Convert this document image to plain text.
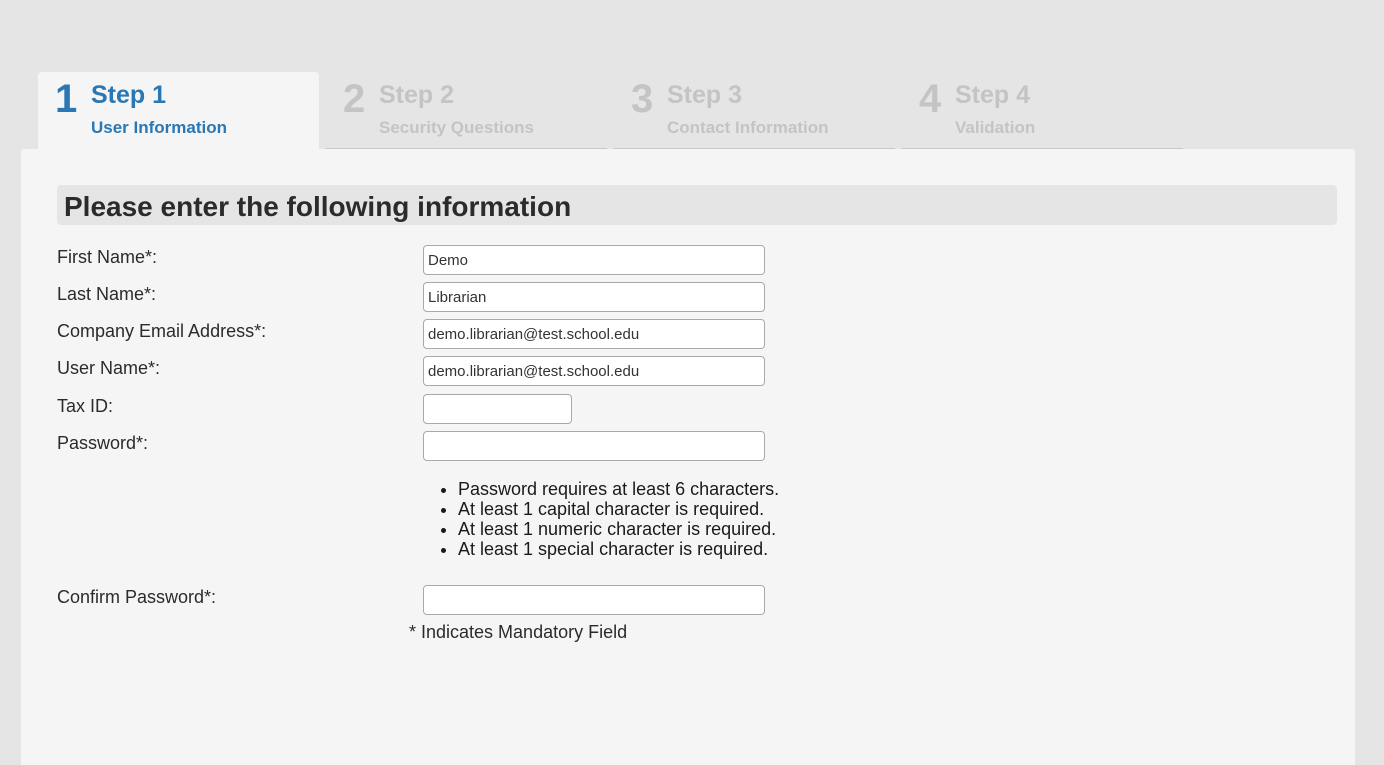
1 Step 1
User Information
2 Step 2
Security Questions
3 Step 3
Contact Information
4 Step 4
Validation
Please enter the following information
First Name*:
Demo
Last Name*:
Librarian
Company Email Address*:
demo.librarian@test.school.edu
User Name*:
demo.librarian@test.school.edu
Tax ID:
Password*:
• Password requires at least 6 characters.
• At least 1 capital character is required.
• At least 1 numeric character is required.
• At least 1 special character is required.
Confirm Password*:
* Indicates Mandatory Field
